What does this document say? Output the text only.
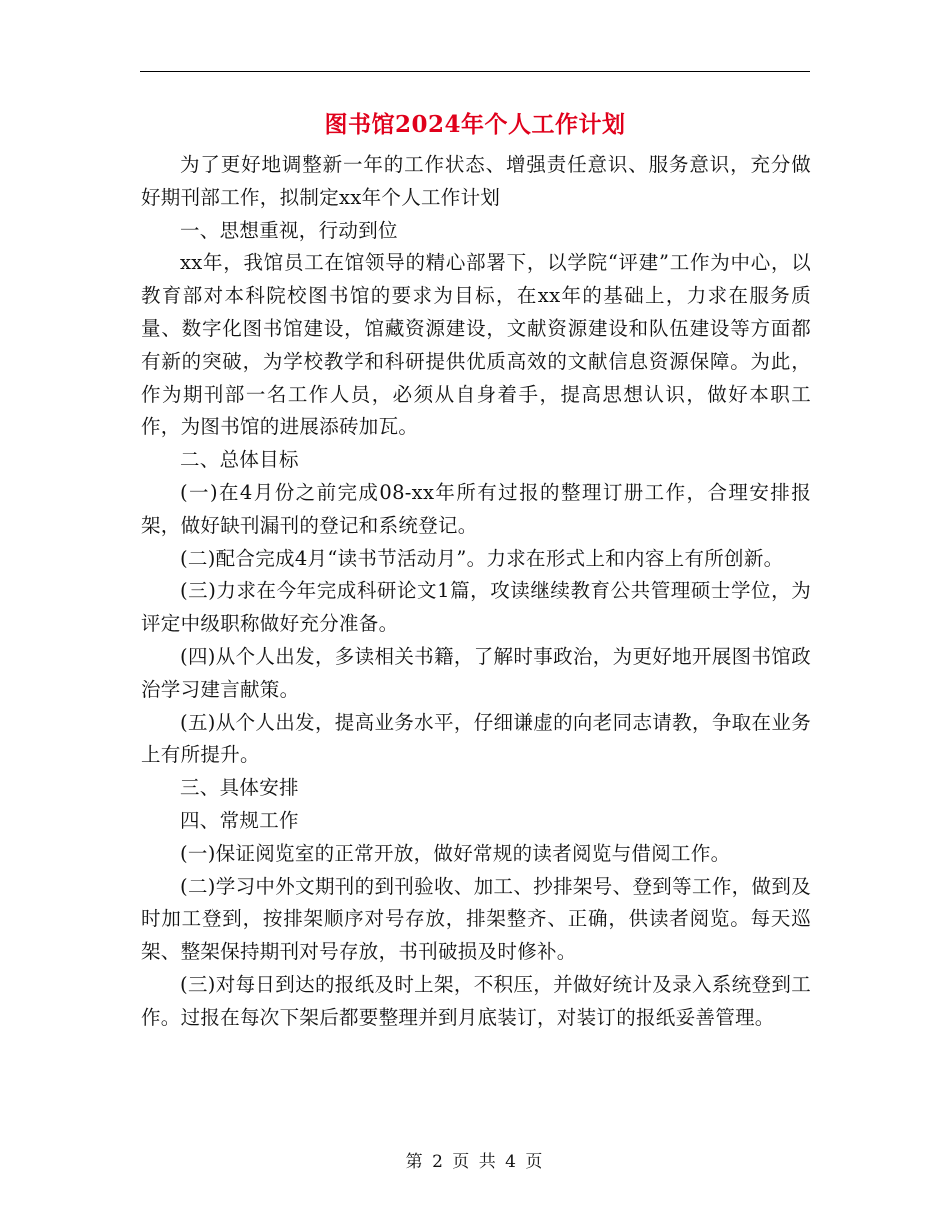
图书馆2024年个人工作计划

为了更好地调整新一年的工作状态、增强责任意识、服务意识，充分做好期刊部工作，拟制定xx年个人工作计划

一、思想重视，行动到位

xx年，我馆员工在馆领导的精心部署下，以学院“评建”工作为中心，以教育部对本科院校图书馆的要求为目标，在xx年的基础上，力求在服务质量、数字化图书馆建设，馆藏资源建设，文献资源建设和队伍建设等方面都有新的突破，为学校教学和科研提供优质高效的文献信息资源保障。为此，作为期刊部一名工作人员，必须从自身着手，提高思想认识，做好本职工作，为图书馆的进展添砖加瓦。

二、总体目标

(一)在4月份之前完成08-xx年所有过报的整理订册工作，合理安排报架，做好缺刊漏刊的登记和系统登记。

(二)配合完成4月“读书节活动月”。力求在形式上和内容上有所创新。

(三)力求在今年完成科研论文1篇，攻读继续教育公共管理硕士学位，为评定中级职称做好充分准备。

(四)从个人出发，多读相关书籍，了解时事政治，为更好地开展图书馆政治学习建言献策。

(五)从个人出发，提高业务水平，仔细谦虚的向老同志请教，争取在业务上有所提升。

三、具体安排

四、常规工作

(一)保证阅览室的正常开放，做好常规的读者阅览与借阅工作。

(二)学习中外文期刊的到刊验收、加工、抄排架号、登到等工作，做到及时加工登到，按排架顺序对号存放，排架整齐、正确，供读者阅览。每天巡架、整架保持期刊对号存放，书刊破损及时修补。

(三)对每日到达的报纸及时上架，不积压，并做好统计及录入系统登到工作。过报在每次下架后都要整理并到月底装订，对装订的报纸妥善管理。

第 2 页 共 4 页
